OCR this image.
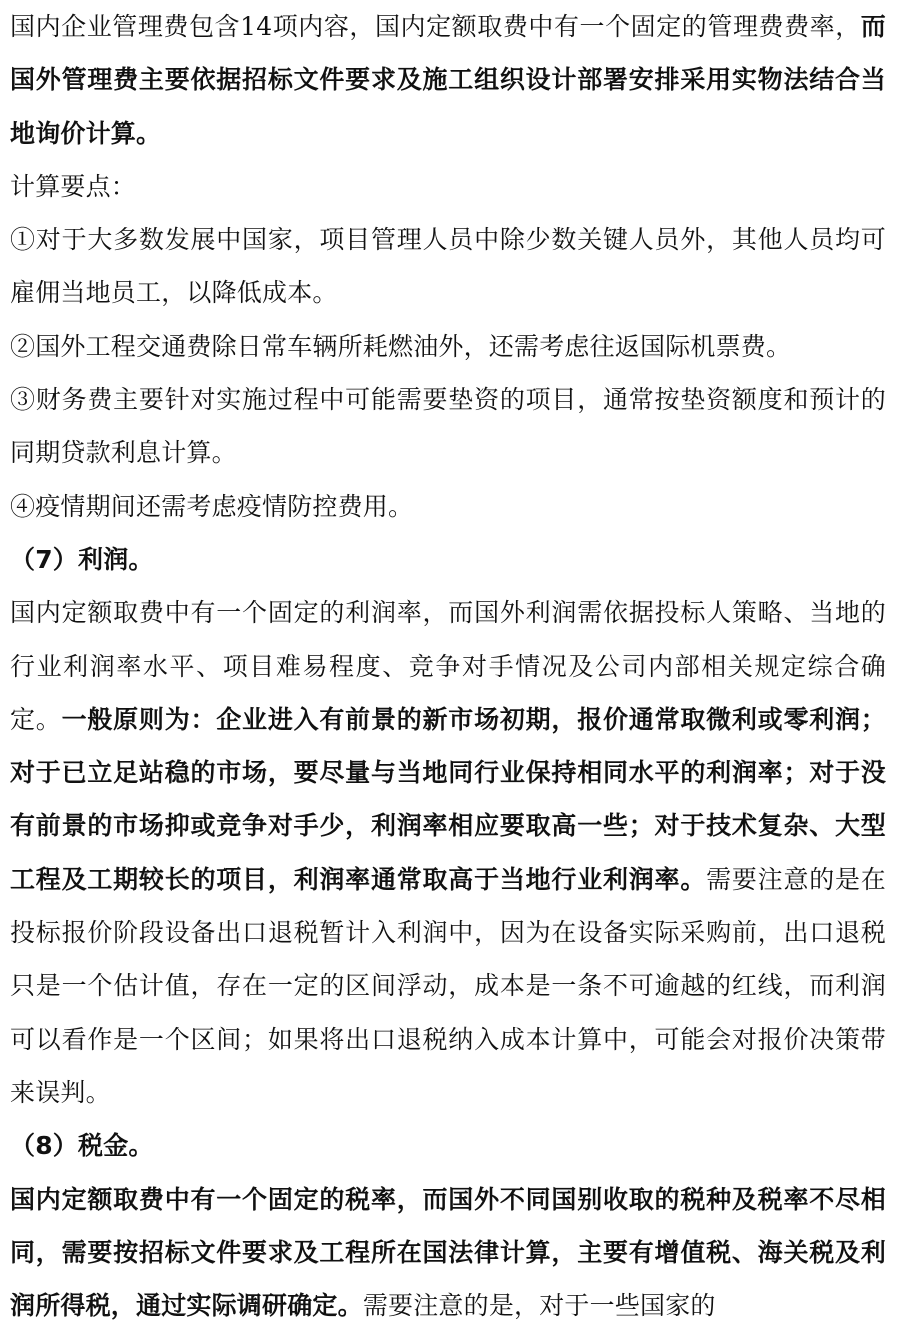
国内企业管理费包含14项内容，国内定额取费中有一个固定的管理费费率，而国外管理费主要依据招标文件要求及施工组织设计部署安排采用实物法结合当地询价计算。

计算要点：

①对于大多数发展中国家，项目管理人员中除少数关键人员外，其他人员均可雇佣当地员工，以降低成本。

②国外工程交通费除日常车辆所耗燃油外，还需考虑往返国际机票费。

③财务费主要针对实施过程中可能需要垫资的项目，通常按垫资额度和预计的同期贷款利息计算。

④疫情期间还需考虑疫情防控费用。

（7）利润。

国内定额取费中有一个固定的利润率，而国外利润需依据投标人策略、当地的行业利润率水平、项目难易程度、竞争对手情况及公司内部相关规定综合确定。一般原则为：企业进入有前景的新市场初期，报价通常取微利或零利润；对于已立足站稳的市场，要尽量与当地同行业保持相同水平的利润率；对于没有前景的市场抑或竞争对手少，利润率相应要取高一些；对于技术复杂、大型工程及工期较长的项目，利润率通常取高于当地行业利润率。需要注意的是在投标报价阶段设备出口退税暂计入利润中，因为在设备实际采购前，出口退税只是一个估计值，存在一定的区间浮动，成本是一条不可逾越的红线，而利润可以看作是一个区间；如果将出口退税纳入成本计算中，可能会对报价决策带来误判。

（8）税金。

国内定额取费中有一个固定的税率，而国外不同国别收取的税种及税率不尽相同，需要按招标文件要求及工程所在国法律计算，主要有增值税、海关税及利润所得税，通过实际调研确定。需要注意的是，对于一些国家的
